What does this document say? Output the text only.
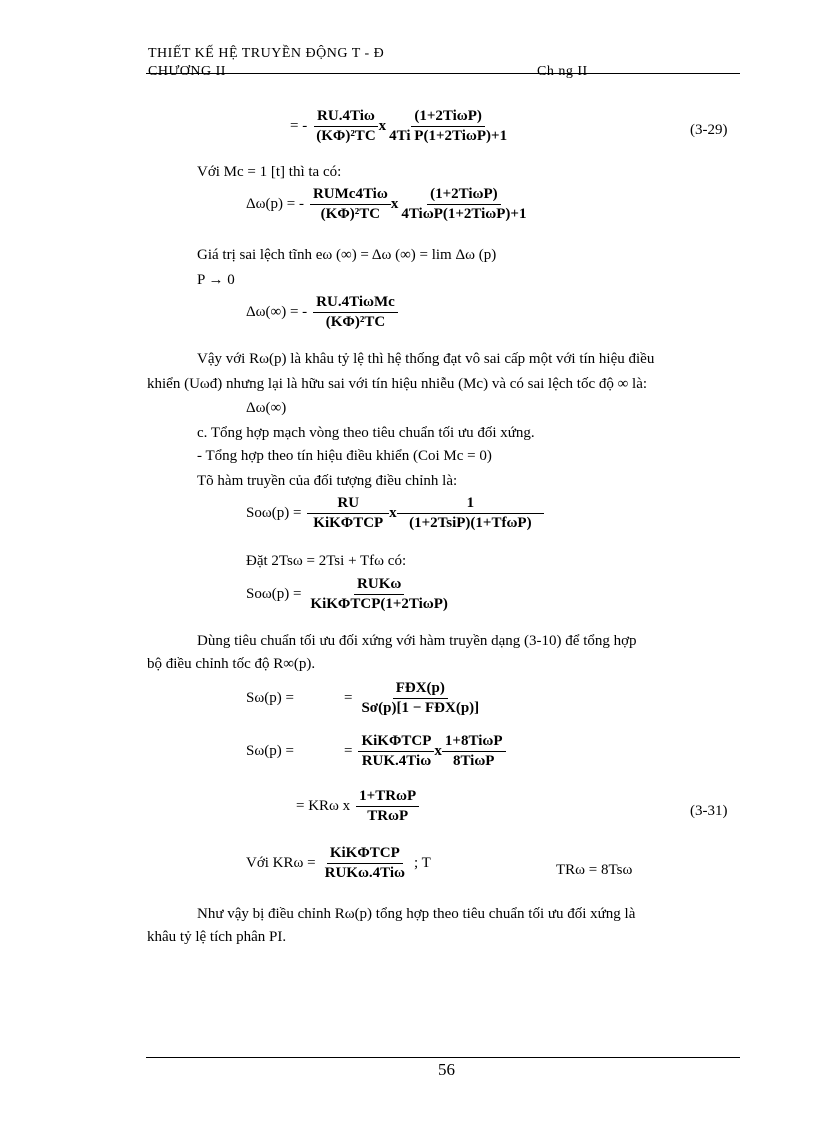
THIẾT KẾ HỆ TRUYỀN ĐỘNG T - Đ
CHƯƠNG II	Ch ng II
= - $\frac{\text{RU.4Tiω}}{\text{(KΦ)²TC}}$ x $\frac{\text{(1+2TiωP)}}{\text{4Ti P(1+2TiωP)+1}}$	(3-29)
Với Mc = 1 [t] thì ta có:
Δω(p) = - $\frac{\text{RUMc4Tiω}}{\text{(KΦ)²TC}}$ x $\frac{\text{(1+2TiωP)}}{\text{4TiωP(1+2TiωP)+1}}$
Giá trị sai lệch tĩnh eω (∞) = Δω (∞) = lim Δω (p)
P → 0
Δω(∞) = - $\frac{\text{RU.4TiωMc}}{\text{(KΦ)²TC}}$
Vậy với Rω(p) là khâu tỷ lệ thì hệ thống đạt vô sai cấp một với tín hiệu điều
khiển (Uωđ) nhưng lại là hữu sai với tín hiệu nhiễu (Mc) và có sai lệch tốc độ ∞ là:
Δω(∞)
c. Tổng hợp mạch vòng theo tiêu chuẩn tối ưu đối xứng.
- Tổng hợp theo tín hiệu điều khiển (Coi Mc = 0)
Tõ hàm truyền của đối tượng điều chỉnh là:
$So\omega(p) = \frac{RU}{\text{KiKΦTCP}}$ x $\frac{1}{\text{(1+2TsiP)(1+TfωP)}}$
Đặt 2Tsω = 2Tsi + Tfω có:
$So\omega(p) = \frac{\text{RUKω}}{\text{KiKΦTCP(1+2TiωP)}}$
Dùng tiêu chuẩn tối ưu đối xứng với hàm truyền dạng (3-10) để tổng hợp
bộ điều chỉnh tốc độ R∞(p).
Sω(p) =	= $\frac{\text{FĐX(p)}}{\text{Sơ(p)[1 − FĐX(p)]}}$
Sω(p) =	= $\frac{\text{KiKΦTCP}}{\text{RUK.4Tiω}}$ x $\frac{\text{1+8TiωP}}{\text{8TiωP}}$
= KRω x $\frac{\text{1+TRωP}}{\text{TRωP}}$	(3-31)
Với $KR\omega = \frac{\text{KiKΦTCP}}{\text{RUKω.4Tiω}}$ ; T	TRω = 8Tsω
Như vậy bị điều chỉnh Rω(p) tổng hợp theo tiêu chuẩn tối ưu đối xứng là
khâu tỷ lệ tích phân PI.
56
